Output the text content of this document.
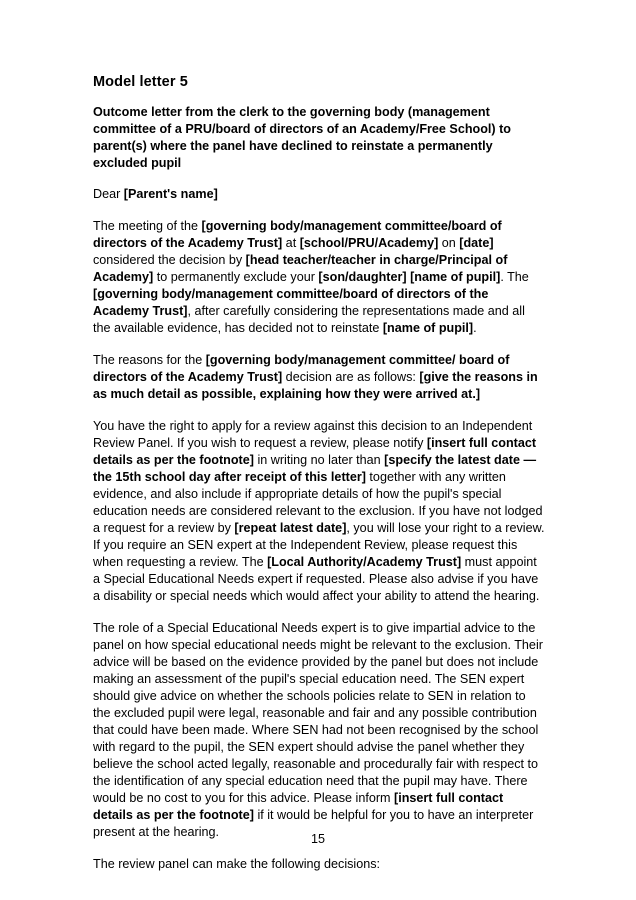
Model letter 5
Outcome letter from the clerk to the governing body (management committee of a PRU/board of directors of an Academy/Free School) to parent(s) where the panel have declined to reinstate a permanently excluded pupil

Dear [Parent's name]

The meeting of the [governing body/management committee/board of directors of the Academy Trust] at [school/PRU/Academy] on [date] considered the decision by [head teacher/teacher in charge/Principal of Academy] to permanently exclude your [son/daughter] [name of pupil]. The [governing body/management committee/board of directors of the Academy Trust], after carefully considering the representations made and all the available evidence, has decided not to reinstate [name of pupil].

The reasons for the [governing body/management committee/ board of directors of the Academy Trust] decision are as follows: [give the reasons in as much detail as possible, explaining how they were arrived at.]

You have the right to apply for a review against this decision to an Independent Review Panel. If you wish to request a review, please notify [insert full contact details as per the footnote] in writing no later than [specify the latest date — the 15th school day after receipt of this letter] together with any written evidence, and also include if appropriate details of how the pupil's special education needs are considered relevant to the exclusion. If you have not lodged a request for a review by [repeat latest date], you will lose your right to a review. If you require an SEN expert at the Independent Review, please request this when requesting a review. The [Local Authority/Academy Trust] must appoint a Special Educational Needs expert if requested. Please also advise if you have a disability or special needs which would affect your ability to attend the hearing.

The role of a Special Educational Needs expert is to give impartial advice to the panel on how special educational needs might be relevant to the exclusion. Their advice will be based on the evidence provided by the panel but does not include making an assessment of the pupil's special education need. The SEN expert should give advice on whether the schools policies relate to SEN in relation to the excluded pupil were legal, reasonable and fair and any possible contribution that could have been made. Where SEN had not been recognised by the school with regard to the pupil, the SEN expert should advise the panel whether they believe the school acted legally, reasonable and procedurally fair with respect to the identification of any special education need that the pupil may have. There would be no cost to you for this advice. Please inform [insert full contact details as per the footnote] if it would be helpful for you to have an interpreter present at the hearing.

The review panel can make the following decisions:

15
